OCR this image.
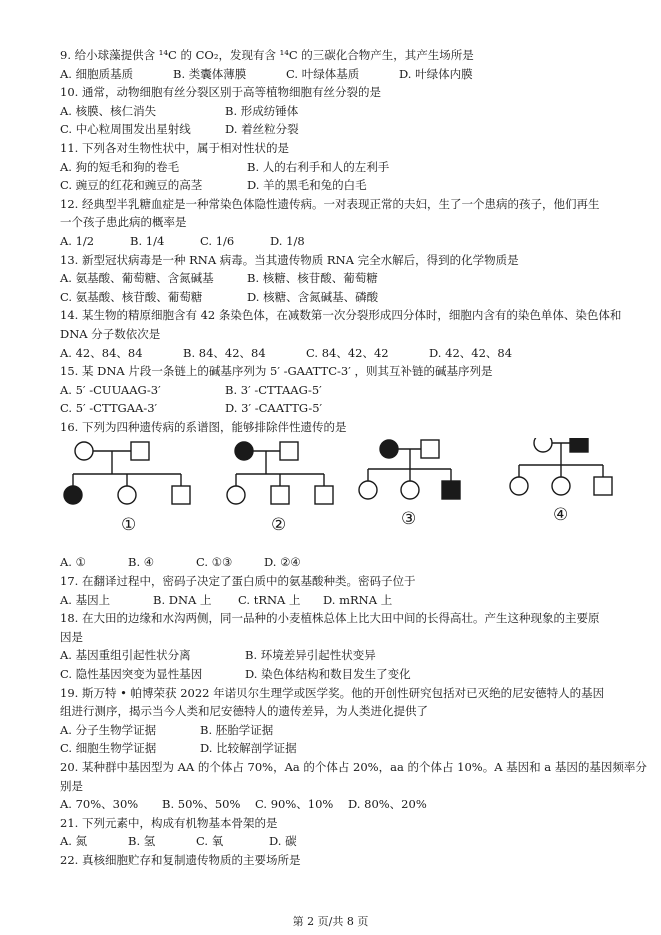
9. 给小球藻提供含 ¹⁴C 的 CO₂，发现有含 ¹⁴C 的三碳化合物产生，其产生场所是
A. 细胞质基质	B. 类囊体薄膜	C. 叶绿体基质	D. 叶绿体内膜
10. 通常，动物细胞有丝分裂区别于高等植物细胞有丝分裂的是
A. 核膜、核仁消失	B. 形成纺锤体
C. 中心粒周围发出星射线	D. 着丝粒分裂
11. 下列各对生物性状中，属于相对性状的是
A. 狗的短毛和狗的卷毛	B. 人的右利手和人的左利手
C. 豌豆的红花和豌豆的高茎	D. 羊的黑毛和兔的白毛
12. 经典型半乳糖血症是一种常染色体隐性遗传病。一对表现正常的夫妇，生了一个患病的孩子，他们再生
一个孩子患此病的概率是
A. 1/2	B. 1/4	C. 1/6	D. 1/8
13. 新型冠状病毒是一种 RNA 病毒。当其遗传物质 RNA 完全水解后，得到的化学物质是
A. 氨基酸、葡萄糖、含氮碱基	B. 核糖、核苷酸、葡萄糖
C. 氨基酸、核苷酸、葡萄糖	D. 核糖、含氮碱基、磷酸
14. 某生物的精原细胞含有 42 条染色体，在减数第一次分裂形成四分体时，细胞内含有的染色单体、染色体和
DNA 分子数依次是
A. 42、84、84	B. 84、42、84	C. 84、42、42	D. 42、42、84
15. 某 DNA 片段一条链上的碱基序列为 5′ -GAATTC-3′ ，则其互补链的碱基序列是
A. 5′ -CUUAAG-3′	B. 3′ -CTTAAG-5′
C. 5′ -CTTGAA-3′	D. 3′ -CAATTG-5′
16. 下列为四种遗传病的系谱图，能够排除伴性遗传的是
①	②	③	④
A. ①	B. ④	C. ①③	D. ②④
17. 在翻译过程中，密码子决定了蛋白质中的氨基酸种类。密码子位于
A. 基因上	B. DNA 上	C. tRNA 上	D. mRNA 上
18. 在大田的边缘和水沟两侧，同一品种的小麦植株总体上比大田中间的长得高壮。产生这种现象的主要原
因是
A. 基因重组引起性状分离	B. 环境差异引起性状变异
C. 隐性基因突变为显性基因	D. 染色体结构和数目发生了变化
19. 斯万特 • 帕博荣获 2022 年诺贝尔生理学或医学奖。他的开创性研究包括对已灭绝的尼安德特人的基因
组进行测序，揭示当今人类和尼安德特人的遗传差异，为人类进化提供了
A. 分子生物学证据	B. 胚胎学证据
C. 细胞生物学证据	D. 比较解剖学证据
20. 某种群中基因型为 AA 的个体占 70%，Aa 的个体占 20%，aa 的个体占 10%。A 基因和 a 基因的基因频率分
别是
A. 70%、30%	B. 50%、50%	C. 90%、10%	D. 80%、20%
21. 下列元素中，构成有机物基本骨架的是
A. 氮	B. 氢	C. 氧	D. 碳
22. 真核细胞贮存和复制遗传物质的主要场所是
第 2 页/共 8 页
